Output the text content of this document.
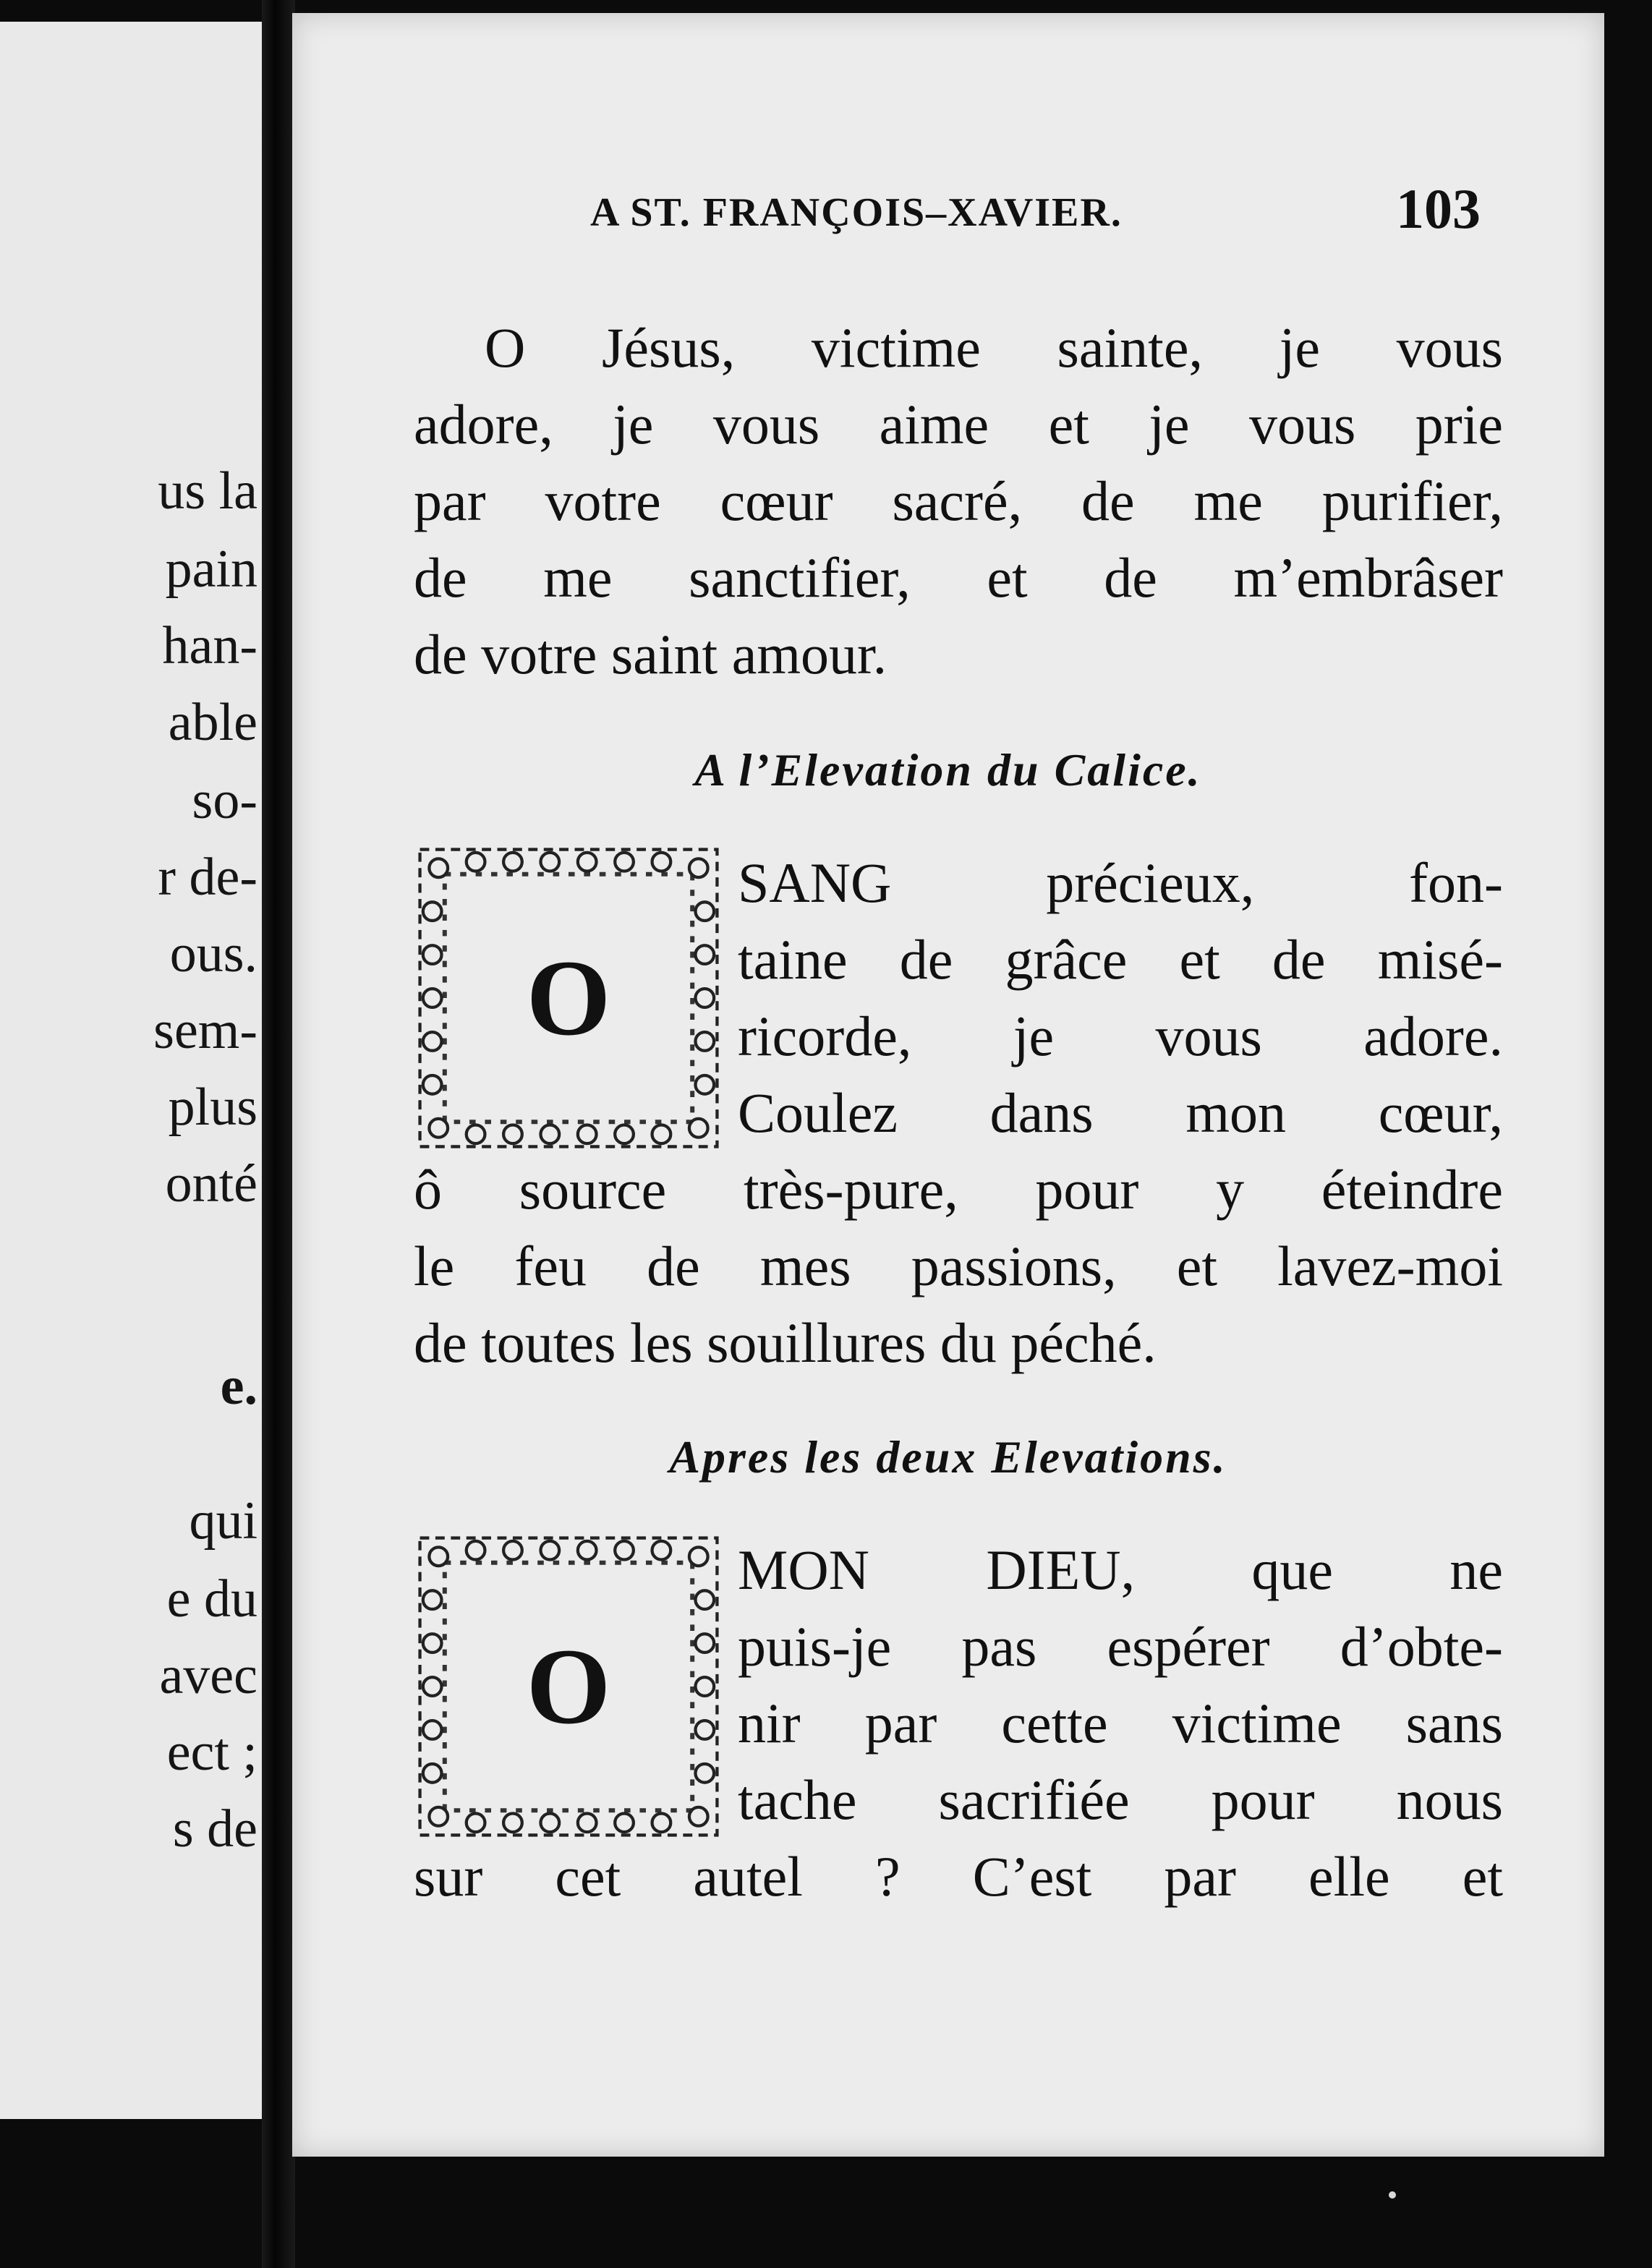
us la
pain
han-
able
so-
r de-
ous.
sem-
plus
onté
e.
qui
e du
avec
ect ;
s de
A ST. FRANÇOIS–XAVIER.	103
O Jésus, victime sainte, je vous
adore, je vous aime et je vous prie
par votre cœur sacré, de me purifier,
de me sanctifier, et de m’embrâser
de votre saint amour.
A l’Elevation du Calice.
O
SANG précieux, fon-
taine de grâce et de misé-
ricorde, je vous adore.
Coulez dans mon cœur,
ô source très-pure, pour y éteindre
le feu de mes passions, et lavez-moi
de toutes les souillures du péché.
Apres les deux Elevations.
O
MON DIEU, que ne
puis-je pas espérer d’obte-
nir par cette victime sans
tache sacrifiée pour nous
sur cet autel ? C’est par elle et
